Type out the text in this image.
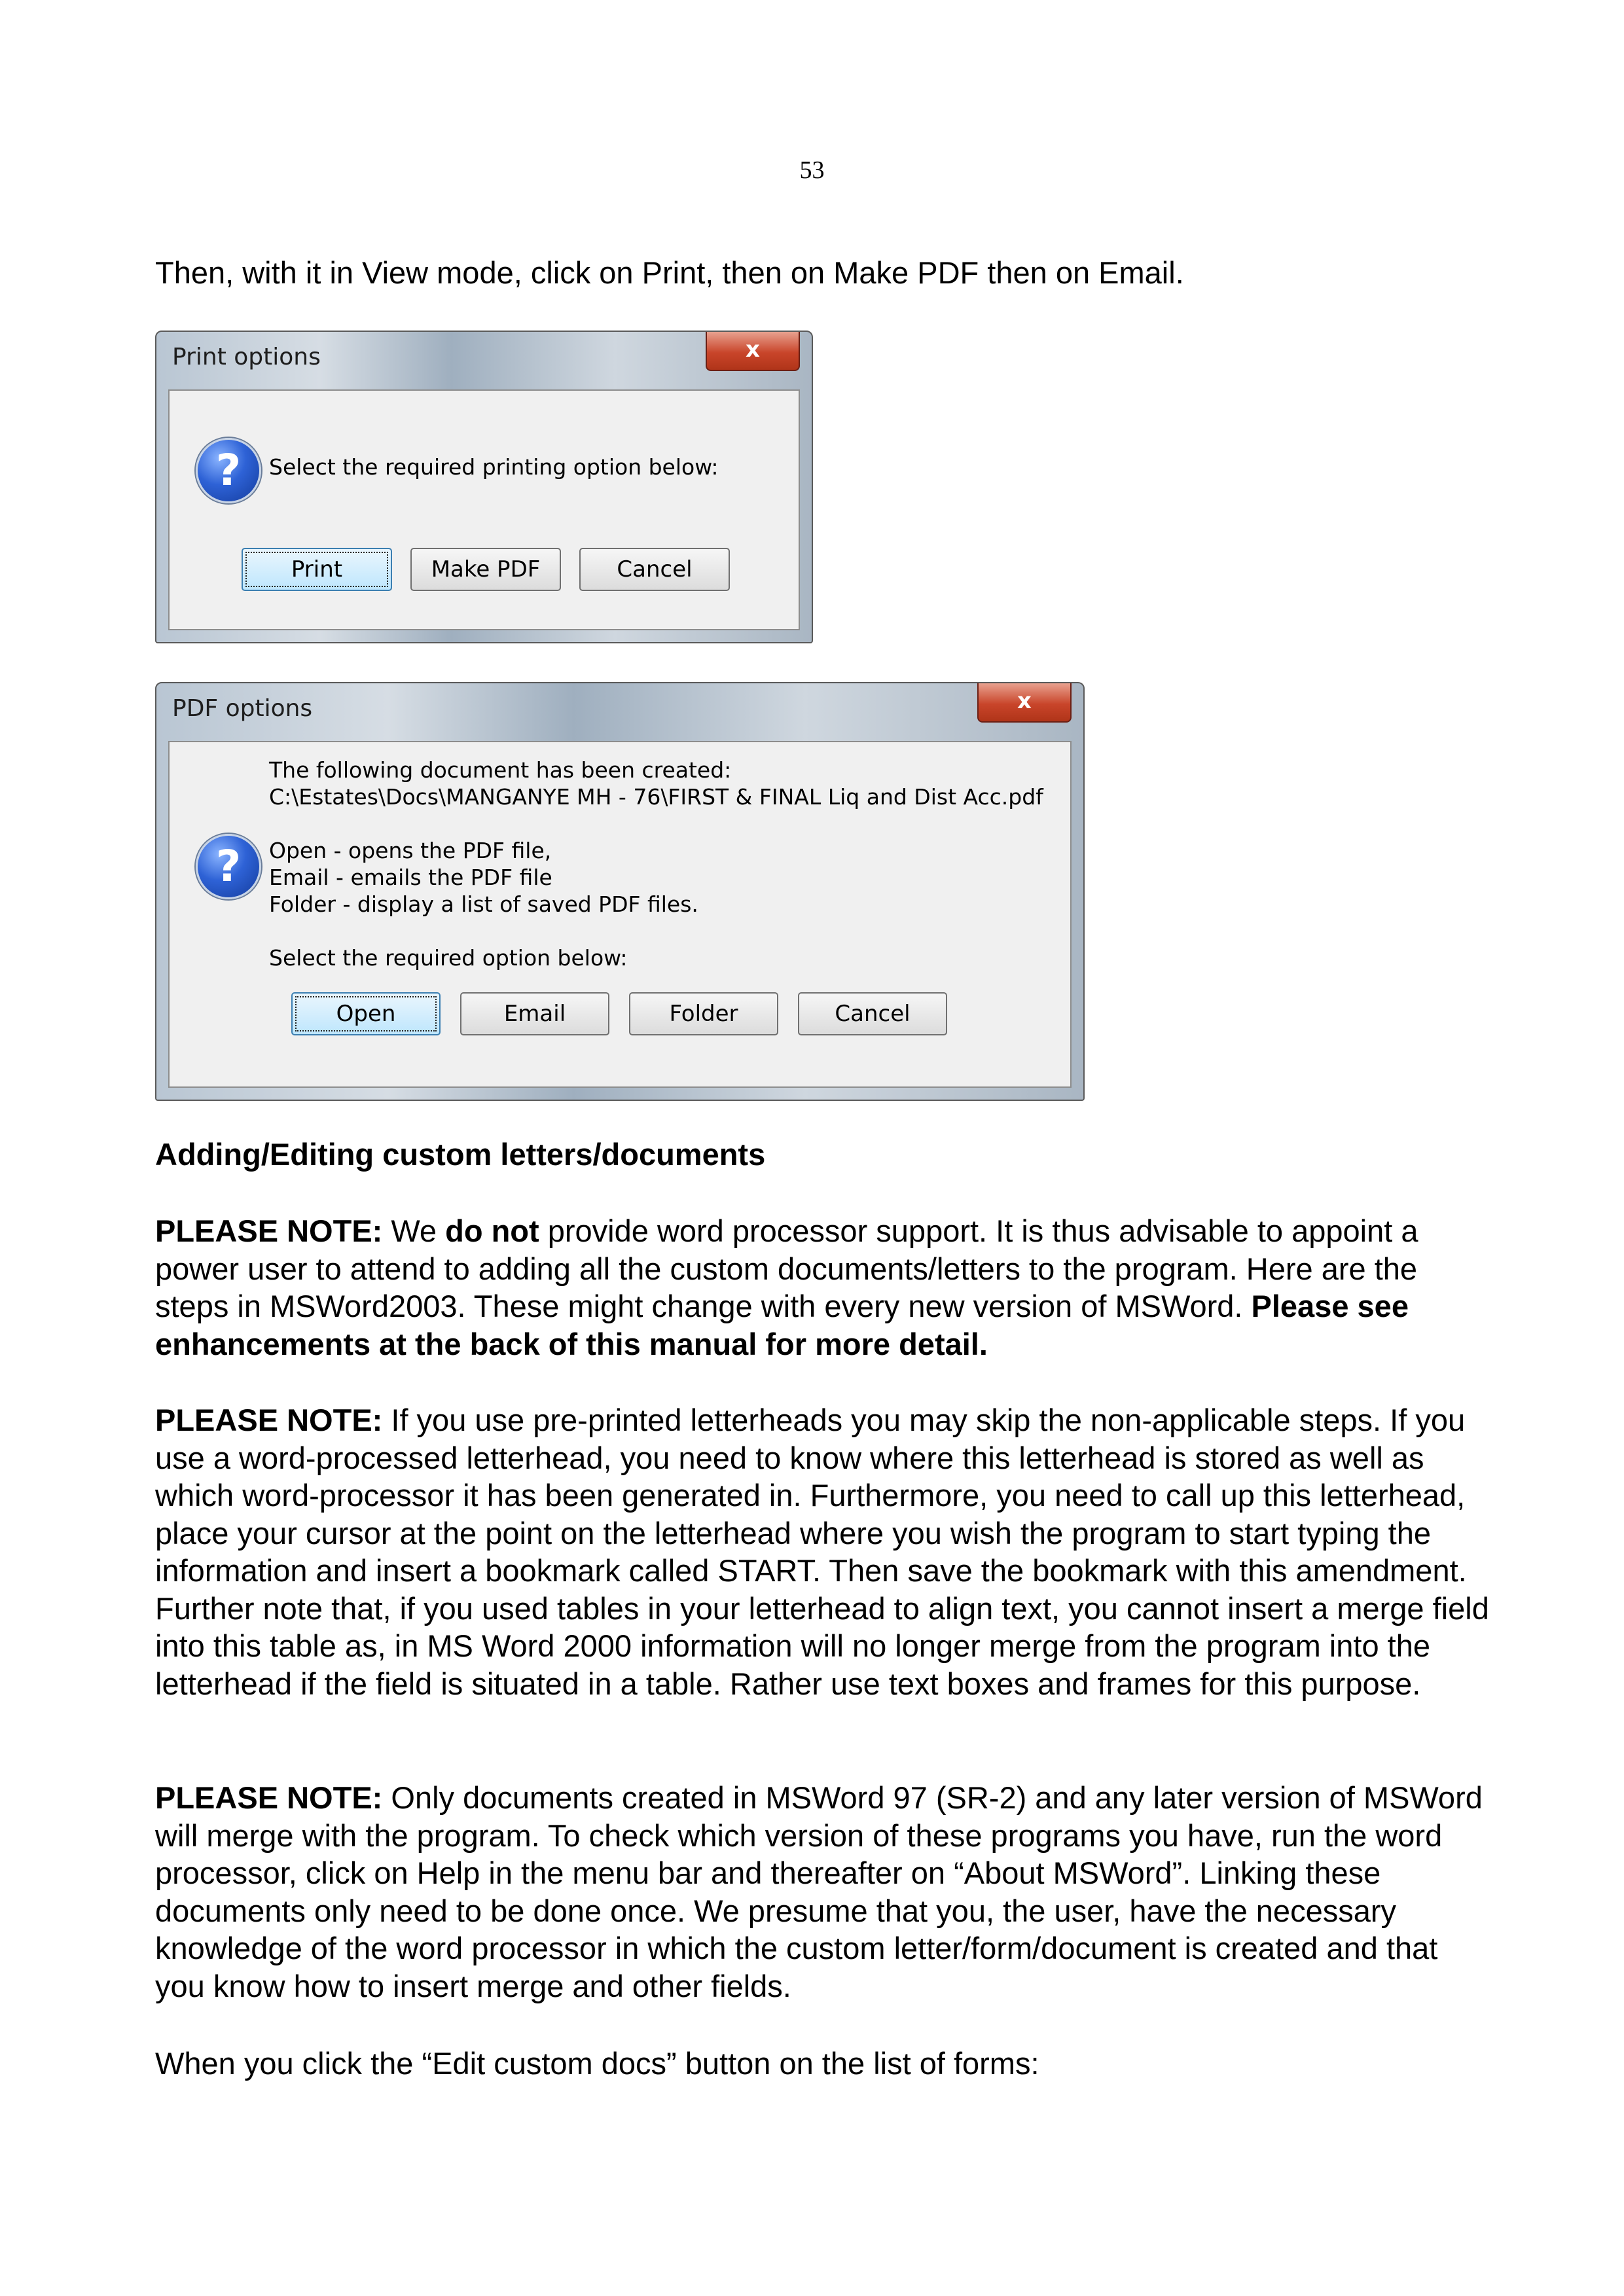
53

Then, with it in View mode, click on Print, then on Make PDF then on Email.

Print options	x
?	Select the required printing option below:
Print	Make PDF	Cancel
PDF options	x
?
The following document has been created:
C:\Estates\Docs\MANGANYE MH - 76\FIRST & FINAL Liq and Dist Acc.pdf
Open - opens the PDF file,
Email - emails the PDF file
Folder - display a list of saved PDF files.
Select the required option below:
Open	Email	Folder	Cancel

Adding/Editing custom letters/documents

PLEASE NOTE: We do not provide word processor support. It is thus advisable to appoint a power user to attend to adding all the custom documents/letters to the program. Here are the steps in MSWord2003. These might change with every new version of MSWord. Please see enhancements at the back of this manual for more detail.

PLEASE NOTE: If you use pre-printed letterheads you may skip the non-applicable steps. If you use a word-processed letterhead, you need to know where this letterhead is stored as well as which word-processor it has been generated in. Furthermore, you need to call up this letterhead, place your cursor at the point on the letterhead where you wish the program to start typing the information and insert a bookmark called START. Then save the bookmark with this amendment. Further note that, if you used tables in your letterhead to align text, you cannot insert a merge field into this table as, in MS Word 2000 information will no longer merge from the program into the letterhead if the field is situated in a table. Rather use text boxes and frames for this purpose.

PLEASE NOTE: Only documents created in MSWord 97 (SR-2) and any later version of MSWord will merge with the program. To check which version of these programs you have, run the word processor, click on Help in the menu bar and thereafter on “About MSWord”. Linking these documents only need to be done once. We presume that you, the user, have the necessary knowledge of the word processor in which the custom letter/form/document is created and that you know how to insert merge and other fields.

When you click the “Edit custom docs” button on the list of forms:
